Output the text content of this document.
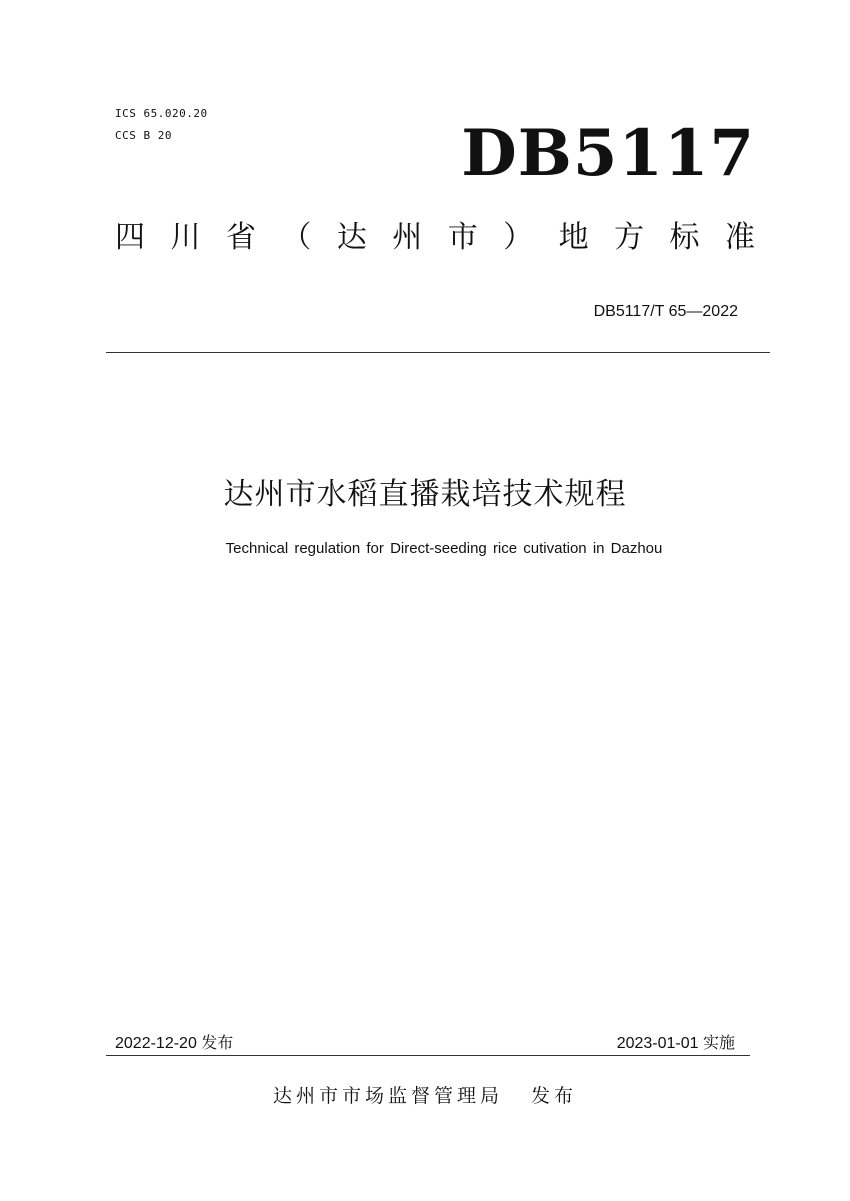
ICS 65.020.20
CCS B 20	DB5117
四 川 省 （ 达 州 市 ） 地 方 标 准
DB5117/T 65—2022
达州市水稻直播栽培技术规程
Technical regulation for Direct-seeding rice cutivation in Dazhou
2022-12-20 发布	2023-01-01 实施
达州市市场监督管理局 发布
